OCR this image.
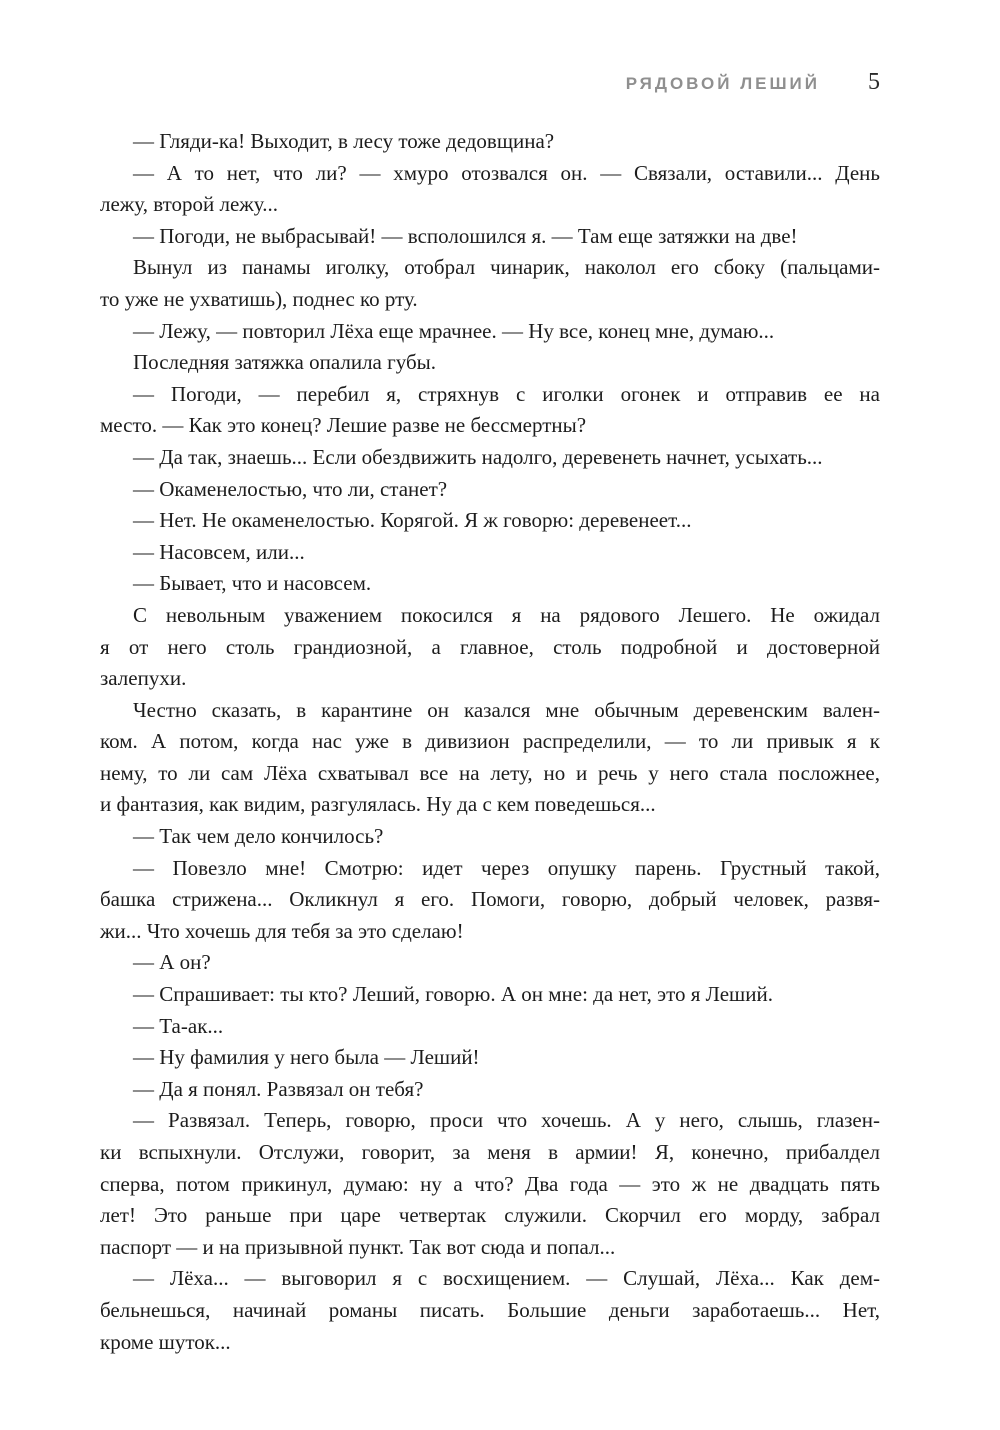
РЯДОВОЙ ЛЕШИЙ 5

— Гляди-ка! Выходит, в лесу тоже дедовщина?

— А то нет, что ли? — хмуро отозвался он. — Связали, оставили... День
лежу, второй лежу...

— Погоди, не выбрасывай! — всполошился я. — Там еще затяжки на две!

Вынул из панамы иголку, отобрал чинарик, наколол его сбоку (пальцами-
то уже не ухватишь), поднес ко рту.

— Лежу, — повторил Лёха еще мрачнее. — Ну все, конец мне, думаю...

Последняя затяжка опалила губы.

— Погоди, — перебил я, стряхнув с иголки огонек и отправив ее на
место. — Как это конец? Лешие разве не бессмертны?

— Да так, знаешь... Если обездвижить надолго, деревенеть начнет, усыхать...

— Окаменелостью, что ли, станет?

— Нет. Не окаменелостью. Корягой. Я ж говорю: деревенеет...

— Насовсем, или...

— Бывает, что и насовсем.

С невольным уважением покосился я на рядового Лешего. Не ожидал
я от него столь грандиозной, а главное, столь подробной и достоверной
залепухи.

Честно сказать, в карантине он казался мне обычным деревенским вален-
ком. А потом, когда нас уже в дивизион распределили, — то ли привык я к
нему, то ли сам Лёха схватывал все на лету, но и речь у него стала посложнее,
и фантазия, как видим, разгулялась. Ну да с кем поведешься...

— Так чем дело кончилось?

— Повезло мне! Смотрю: идет через опушку парень. Грустный такой,
башка стрижена... Окликнул я его. Помоги, говорю, добрый человек, развя-
жи... Что хочешь для тебя за это сделаю!

— А он?

— Спрашивает: ты кто? Леший, говорю. А он мне: да нет, это я Леший.

— Та-ак...

— Ну фамилия у него была — Леший!

— Да я понял. Развязал он тебя?

— Развязал. Теперь, говорю, проси что хочешь. А у него, слышь, глазен-
ки вспыхнули. Отслужи, говорит, за меня в армии! Я, конечно, прибалдел
сперва, потом прикинул, думаю: ну а что? Два года — это ж не двадцать пять
лет! Это раньше при царе четвертак служили. Скорчил его морду, забрал
паспорт — и на призывной пункт. Так вот сюда и попал...

— Лёха... — выговорил я с восхищением. — Слушай, Лёха... Как дем-
бельнешься, начинай романы писать. Большие деньги заработаешь... Нет,
кроме шуток...
